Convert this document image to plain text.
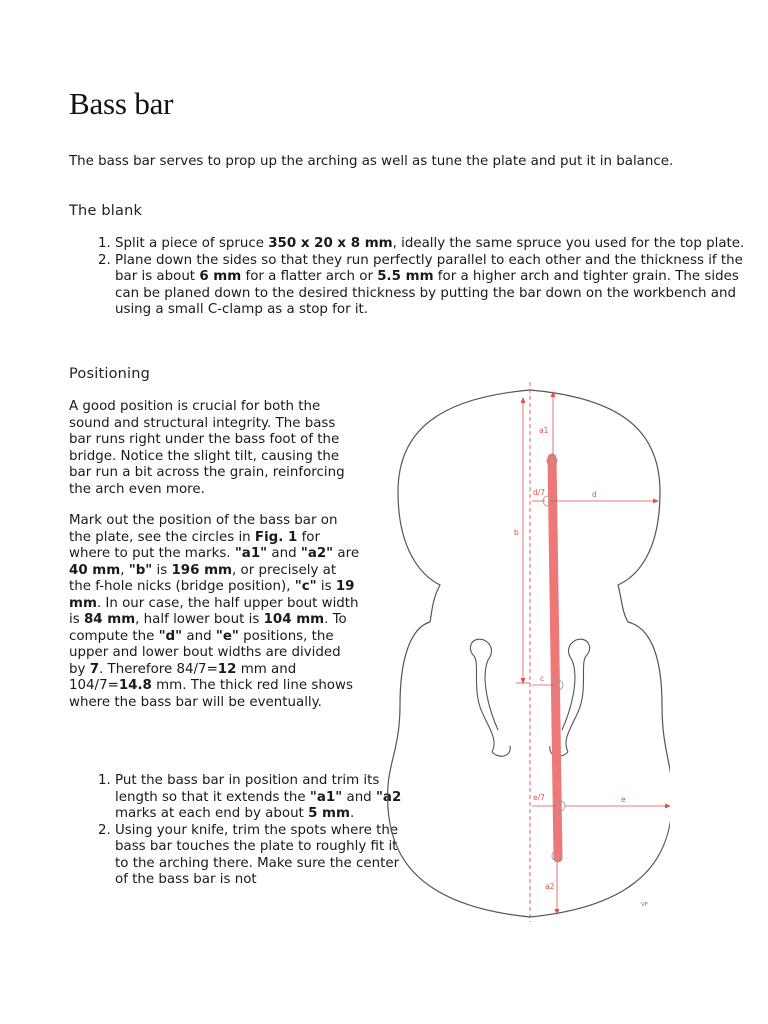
Bass bar

The bass bar serves to prop up the arching as well as tune the plate and put it in balance.

The blank
1. Split a piece of spruce 350 x 20 x 8 mm, ideally the same spruce you used for the top plate.
2. Plane down the sides so that they run perfectly parallel to each other and the thickness if the bar is about 6 mm for a flatter arch or 5.5 mm for a higher arch and tighter grain. The sides can be planed down to the desired thickness by putting the bar down on the workbench and using a small C-clamp as a stop for it.
Positioning

A good position is crucial for both the sound and structural integrity. The bass bar runs right under the bass foot of the bridge. Notice the slight tilt, causing the bar run a bit across the grain, reinforcing the arch even more.

Mark out the position of the bass bar on the plate, see the circles in Fig. 1 for where to put the marks. "a1" and "a2" are 40 mm, "b" is 196 mm, or precisely at the f-hole nicks (bridge position), "c" is 19 mm. In our case, the half upper bout width is 84 mm, half lower bout is 104 mm. To compute the "d" and "e" positions, the upper and lower bout widths are divided by 7. Therefore 84/7=12 mm and 104/7=14.8 mm. The thick red line shows where the bass bar will be eventually.

1. Put the bass bar in position and trim its length so that it extends the "a1" and "a2 marks at each end by about 5 mm.
2. Using your knife, trim the spots where the bass bar touches the plate to roughly fit it to the arching there. Make sure the center of the bass bar is not
a1
d/7	d
b
c
e/7	e
a2
VF
